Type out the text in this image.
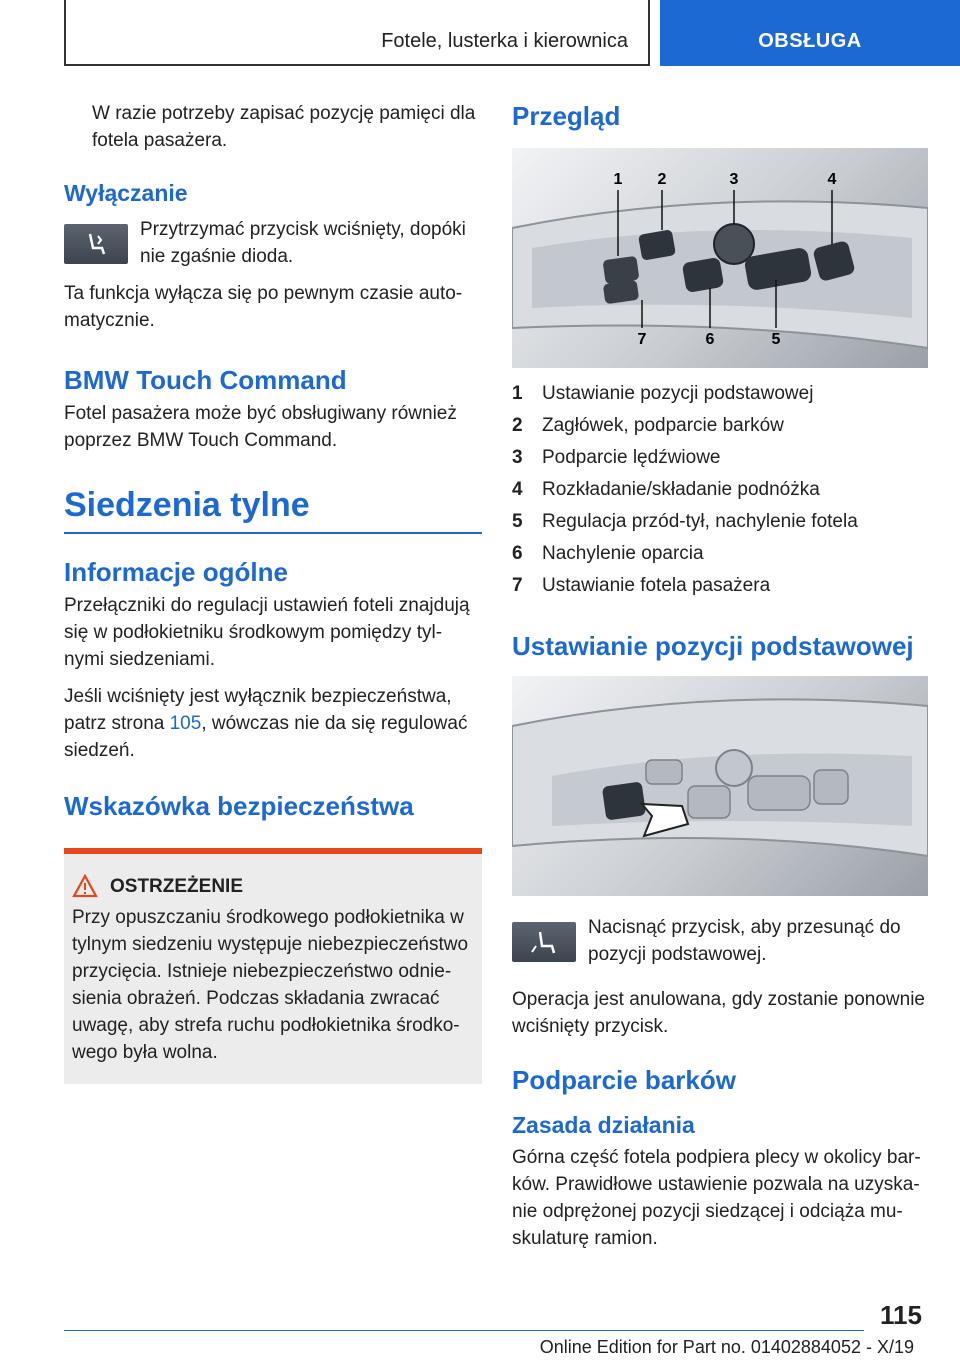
Fotele, lusterka i kierownica	OBSŁUGA

W razie potrzeby zapisać pozycję pamięci dla fotela pasażera.

Wyłączanie
Przytrzymać przycisk wciśnięty, dopóki nie zgaśnie dioda.

Ta funkcja wyłącza się po pewnym czasie auto- matycznie.

BMW Touch Command

Fotel pasażera może być obsługiwany również poprzez BMW Touch Command.

Siedzenia tylne
Informacje ogólne

Przełączniki do regulacji ustawień foteli znajdują się w podłokietniku środkowym pomiędzy tyl- nymi siedzeniami.

Jeśli wciśnięty jest wyłącznik bezpieczeństwa, patrz strona 105, wówczas nie da się regulować siedzeń.

Wskazówka bezpieczeństwa
OSTRZEŻENIE

Przy opuszczaniu środkowego podłokietnika w tylnym siedzeniu występuje niebezpieczeństwo przycięcia. Istnieje niebezpieczeństwo odnie- sienia obrażeń. Podczas składania zwracać uwagę, aby strefa ruchu podłokietnika środko- wego była wolna.

Przegląd
1 2	3	4
7	6	5
1 Ustawianie pozycji podstawowej
2 Zagłówek, podparcie barków
3 Podparcie lędźwiowe
4 Rozkładanie/składanie podnóżka
5 Regulacja przód-tył, nachylenie fotela
6 Nachylenie oparcia
7 Ustawianie fotela pasażera
Ustawianie pozycji podstawowej
Nacisnąć przycisk, aby przesunąć do pozycji podstawowej.

Operacja jest anulowana, gdy zostanie ponownie wciśnięty przycisk.

Podparcie barków
Zasada działania

Górna część fotela podpiera plecy w okolicy bar- ków. Prawidłowe ustawienie pozwala na uzyska- nie odprężonej pozycji siedzącej i odciąża mu- skulaturę ramion.

115
Online Edition for Part no. 01402884052 - X/19
